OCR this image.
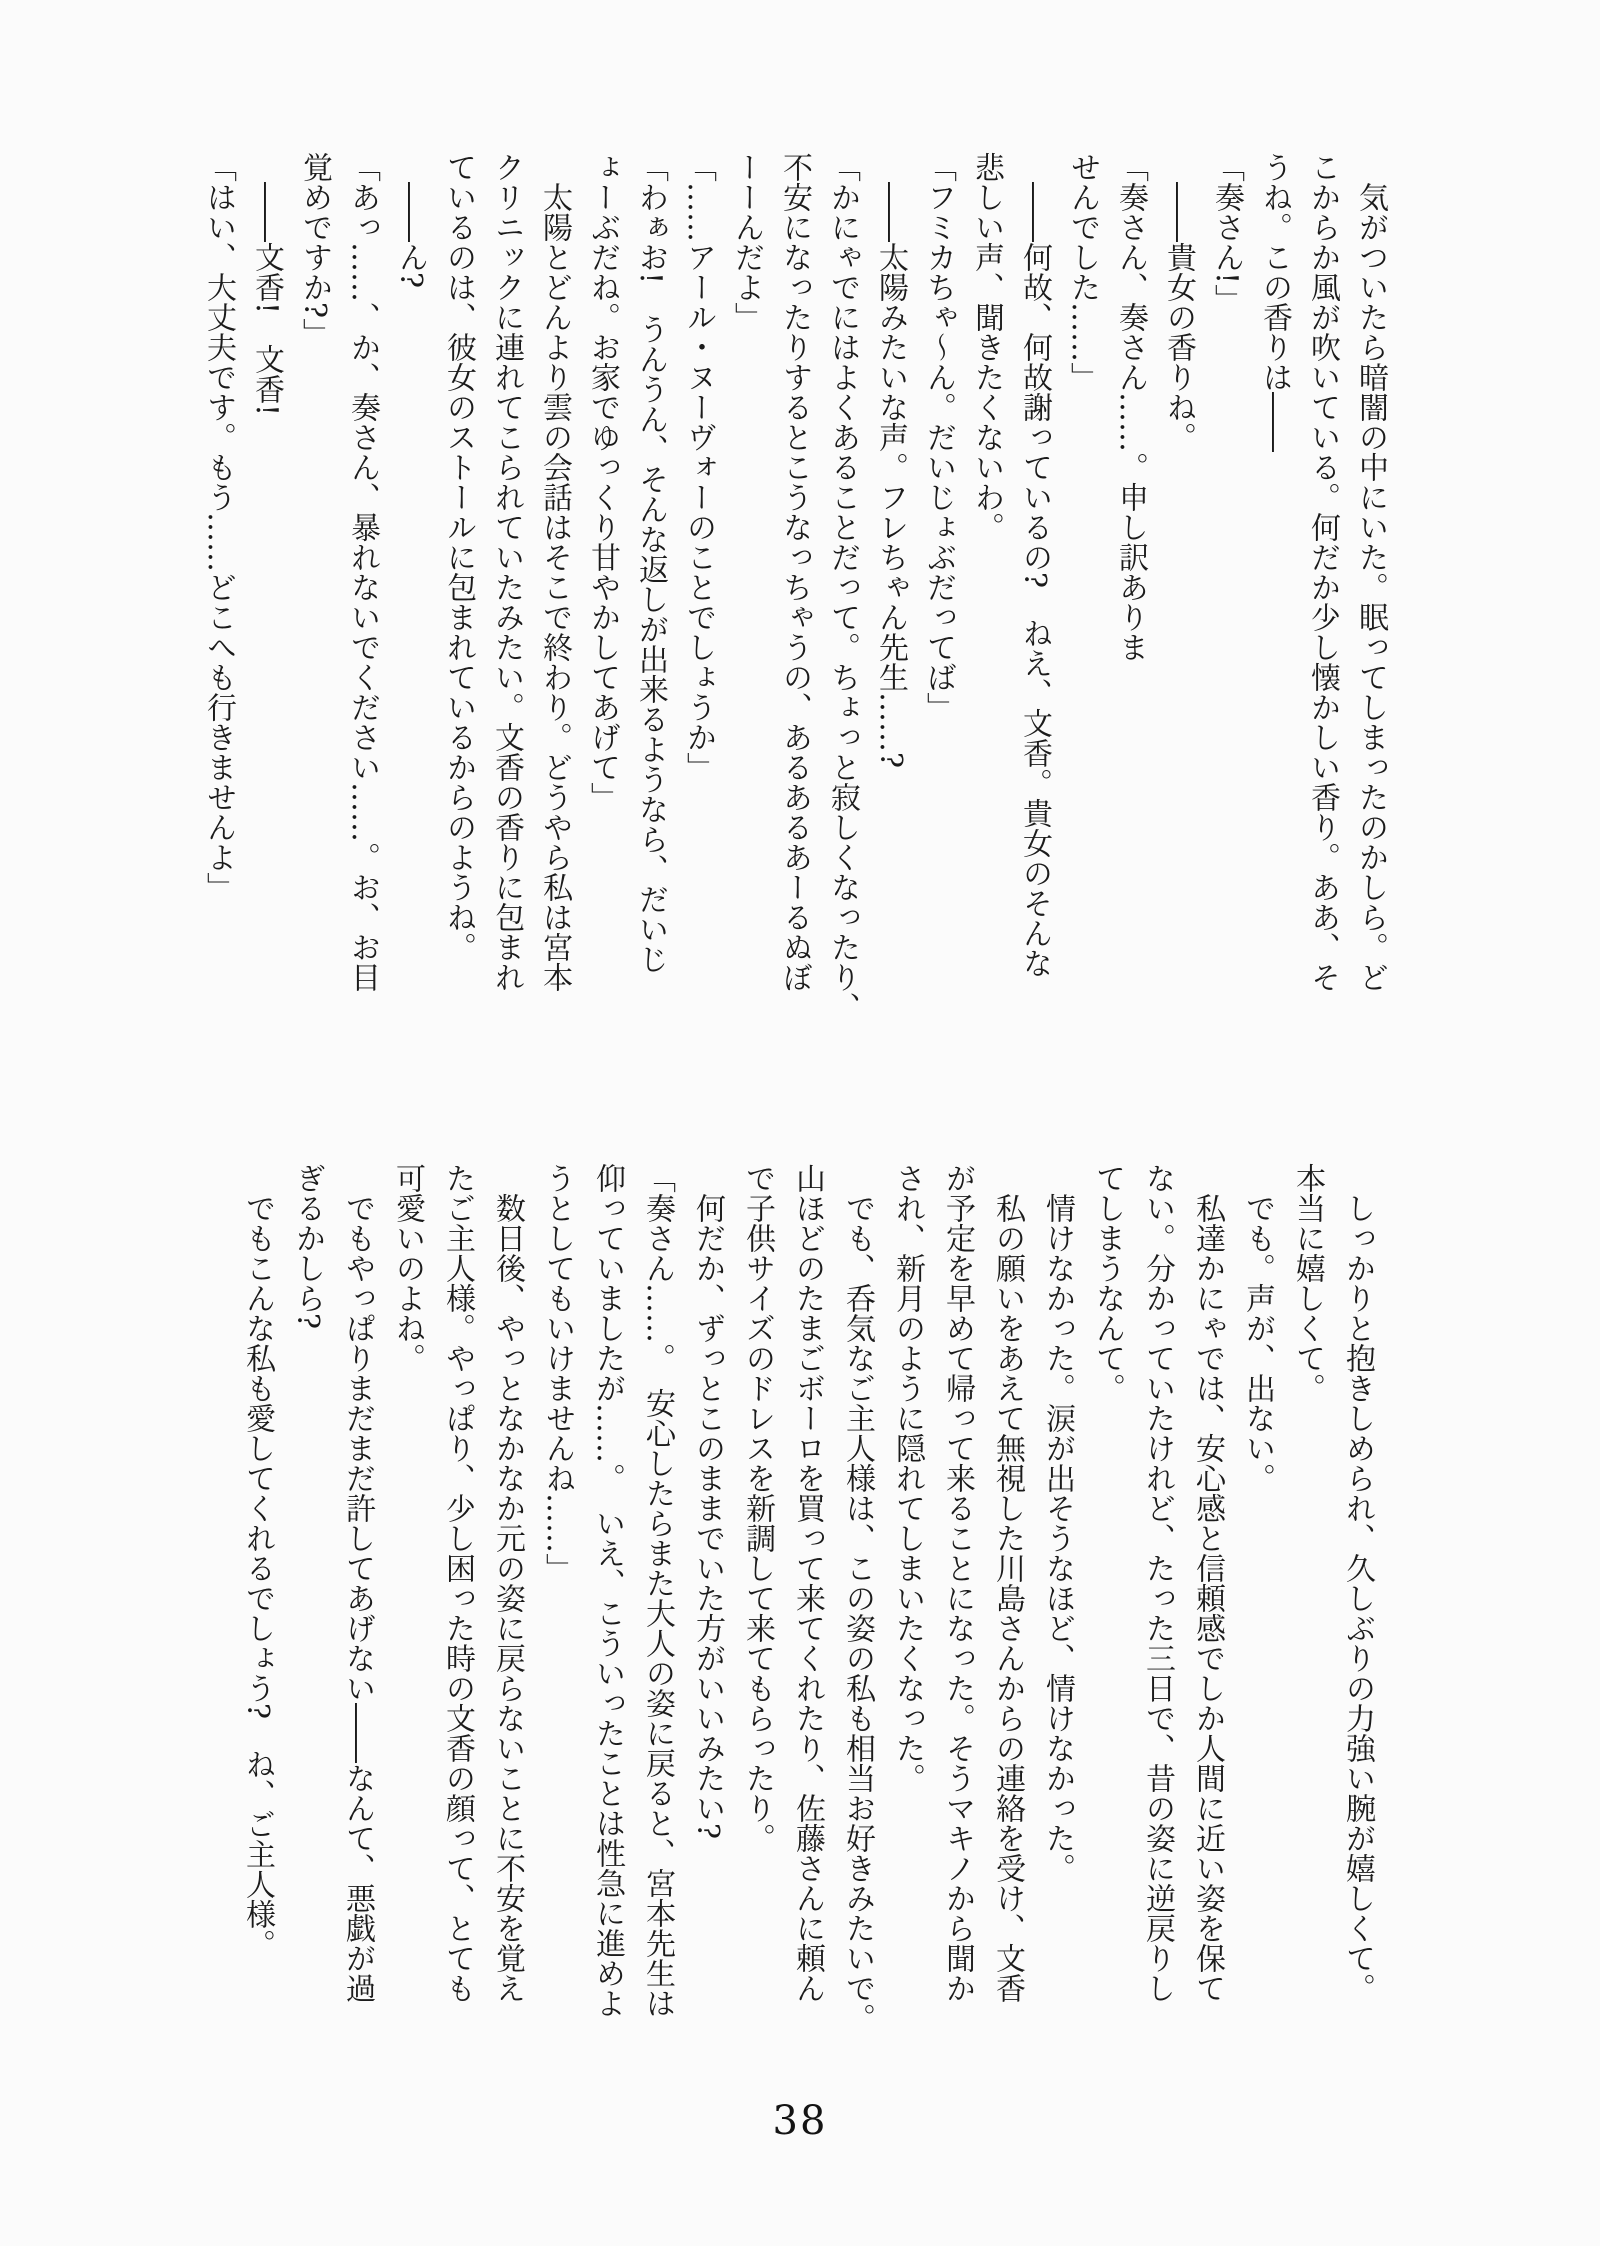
気がついたら暗闇の中にいた。眠ってしまったのかしら。ど

こからか風が吹いている。何だか少し懐かしい香り。ああ、そ

うね。この香りは――

「奏さん!」

――貴女の香りね。

「奏さん、奏さん……。申し訳ありま

せんでした……」

――何故、何故謝っているの?　ねえ、文香。貴女のそんな

悲しい声、聞きたくないわ。

「フミカちゃ〜ん。だいじょぶだってば」

――太陽みたいな声。フレちゃん先生……?

「かにゃでにはよくあることだって。ちょっと寂しくなったり、

不安になったりするとこうなっちゃうの、あるあるあーるぬぼ

ーーんだよ」

「……アール・ヌーヴォーのことでしょうか」

「わぁお!　うんうん、そんな返しが出来るようなら、だいじ

ょーぶだね。お家でゆっくり甘やかしてあげて」

太陽とどんより雲の会話はそこで終わり。どうやら私は宮本

クリニックに連れてこられていたみたい。文香の香りに包まれ

ているのは、彼女のストールに包まれているからのようね。

――ん?

「あっ……、か、奏さん、暴れないでください……。お、お目

覚めですか?」

――文香!　文香!

「はい、大丈夫です。もう……どこへも行きませんよ」

しっかりと抱きしめられ、久しぶりの力強い腕が嬉しくて。

本当に嬉しくて。

でも。声が、出ない。

私達かにゃでは、安心感と信頼感でしか人間に近い姿を保て

ない。分かっていたけれど、たった三日で、昔の姿に逆戻りし

てしまうなんて。

情けなかった。涙が出そうなほど、情けなかった。

私の願いをあえて無視した川島さんからの連絡を受け、文香

が予定を早めて帰って来ることになった。そうマキノから聞か

され、新月のように隠れてしまいたくなった。

でも、呑気なご主人様は、この姿の私も相当お好きみたいで。

山ほどのたまごボーロを買って来てくれたり、佐藤さんに頼ん

で子供サイズのドレスを新調して来てもらったり。

何だか、ずっとこのままでいた方がいいみたい?

「奏さん……。　安心したらまた大人の姿に戻ると、宮本先生は

仰っていましたが……。　いえ、こういったことは性急に進めよ

うとしてもいけませんね……」

数日後、やっとなかなか元の姿に戻らないことに不安を覚え

たご主人様。やっぱり、少し困った時の文香の顔って、とても

可愛いのよね。

でもやっぱりまだまだ許してあげない――なんて、悪戯が過

ぎるかしら?

でもこんな私も愛してくれるでしょう?　ね、ご主人様。

38
